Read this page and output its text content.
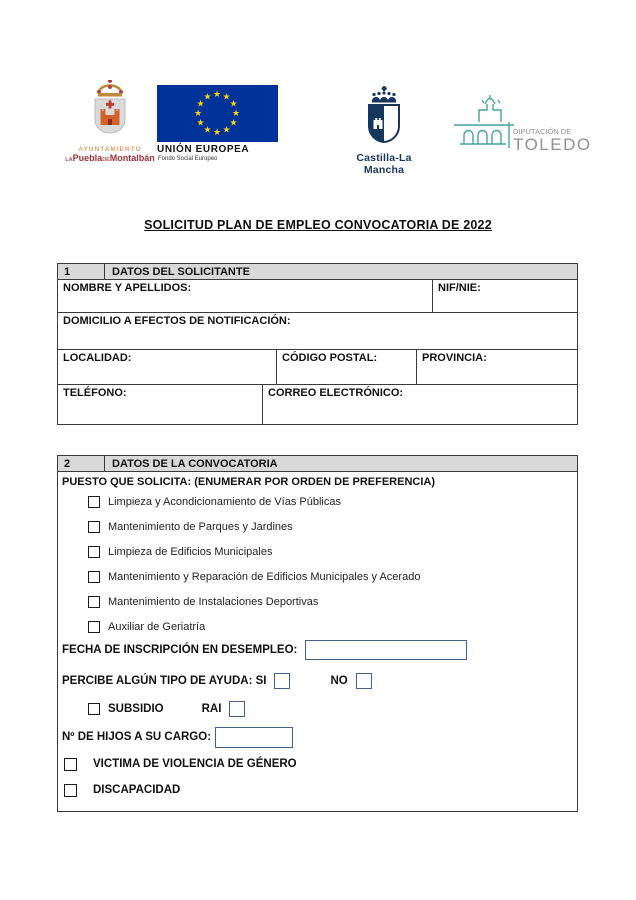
AYUNTAMIENTO
LAPueblaDEMontalbán
★ ★
★
★
★
★
★
★
★
★
★
★
UNIÓN EUROPEA
Fondo Social Europeo	Castilla-La Mancha
DIPUTACIÓN DE
TOLEDO
SOLICITUD PLAN DE EMPLEO CONVOCATORIA DE 2022
1	DATOS DEL SOLICITANTE
NOMBRE Y APELLIDOS:	NIF/NIE:
DOMICILIO A EFECTOS DE NOTIFICACIÓN:
LOCALIDAD:	CÓDIGO POSTAL:	PROVINCIA:
TELÉFONO:	CORREO ELECTRÓNICO:
2	DATOS DE LA CONVOCATORIA
PUESTO QUE SOLICITA: (ENUMERAR POR ORDEN DE PREFERENCIA)
Limpieza y Acondicionamiento de Vías Públicas
Mantenimiento de Parques y Jardines
Limpieza de Edificios Municipales
Mantenimiento y Reparación de Edificios Municipales y Acerado
Mantenimiento de Instalaciones Deportivas
Auxiliar de Geriatría
FECHA DE INSCRIPCIÓN EN DESEMPLEO:
PERCIBE ALGÚN TIPO DE AYUDA: SI	NO
SUBSIDIO	RAI
Nº DE HIJOS A SU CARGO:
VICTIMA DE VIOLENCIA DE GÉNERO
DISCAPACIDAD
